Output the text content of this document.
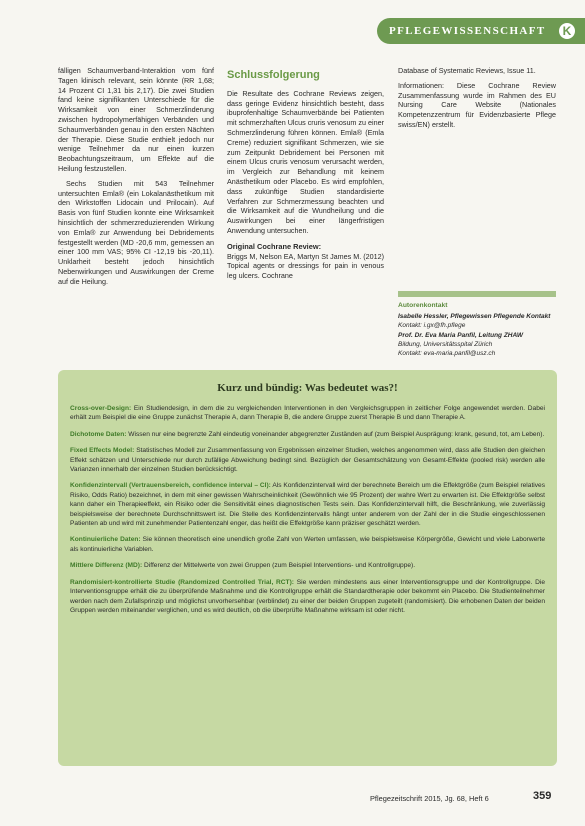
PFLEGEWISSENSCHAFT	K

fälligen Schaumverband-Interaktion vom fünf Tagen klinisch relevant, sein könnte (RR 1,68; 14 Prozent CI 1,31 bis 2,17). Die zwei Studien fand keine signifikanten Unterschiede für die Wirksamkeit von einer Schmerzlinderung zwischen hydropolymerfähigen Verbänden und Schaumverbänden genau in den ersten Nächten der Therapie. Diese Studie enthielt jedoch nur wenige Teilnehmer da nur einen kurzen Beobachtungszeitraum, um Effekte auf die Heilung festzustellen.

Sechs Studien mit 543 Teilnehmer untersuchten Emla® (ein Lokalanästhetikum mit den Wirkstoffen Lidocain und Prilocain). Auf Basis von fünf Studien konnte eine Wirksamkeit hinsichtlich der schmerzreduzierenden Wirkung von Emla® zur Anwendung bei Debridements festgestellt werden (MD -20,6 mm, gemessen an einer 100 mm VAS; 95% CI -12,19 bis -20,11). Unklarheit besteht jedoch hinsichtlich Nebenwirkungen und Auswirkungen der Creme auf die Heilung.

Schlussfolgerung

Die Resultate des Cochrane Reviews zeigen, dass geringe Evidenz hinsichtlich besteht, dass ibuprofenhaltige Schaumverbände bei Patienten mit schmerzhaften Ulcus cruris venosum zu einer Schmerzlinderung führen können. Emla® (Emla Creme) reduziert signifikant Schmerzen, wie sie zum Zeitpunkt Debridement bei Personen mit einem Ulcus cruris venosum verursacht werden, im Vergleich zur Behandlung mit keinem Anästhetikum oder Placebo. Es wird empfohlen, dass zukünftige Studien standardisierte Verfahren zur Schmerzmessung beachten und die Wirksamkeit auf die Wundheilung und die Auswirkungen bei einer längerfristigen Anwendung untersuchen.

Original Cochrane Review:

Briggs M, Nelson EA, Martyn St James M. (2012) Topical agents or dressings for pain in venous leg ulcers. Cochrane

Database of Systematic Reviews, Issue 11.

Informationen: Diese Cochrane Review Zusammenfassung wurde im Rahmen des EU Nursing Care Website (Nationales Kompetenzzentrum für Evidenzbasierte Pflege swiss/EN) erstellt.

Autorenkontakt
Isabelle Hessler, Pflegewissen Pflegende Kontakt
Kontakt: i.gx@fh.pflege
Prof. Dr. Eva Maria Panfil, Leitung ZHAW
Bildung, Universitätsspital Zürich
Kontakt: eva-maria.panfil@usz.ch
Kurz und bündig: Was bedeutet was?!
Cross-over-Design: Ein Studiendesign, in dem die zu vergleichenden Interventionen in den Vergleichsgruppen in zeitlicher Folge angewendet werden. Dabei erhält zum Beispiel die eine Gruppe zunächst Therapie A, dann Therapie B, die andere Gruppe zuerst Therapie B und dann Therapie A.
Dichotome Daten: Wissen nur eine begrenzte Zahl eindeutig voneinander abgegrenzter Zuständen auf (zum Beispiel Ausprägung: krank, gesund, tot, am Leben).
Fixed Effects Model: Statistisches Modell zur Zusammenfassung von Ergebnissen einzelner Studien, welches angenommen wird, dass alle Studien den gleichen Effekt schätzen und Unterschiede nur durch zufällige Abweichung bedingt sind. Bezüglich der Gesamtschätzung von Gesamt-Effekte (pooled risk) werden alle Varianzen innerhalb der einzelnen Studien berücksichtigt.
Konfidenzintervall (Vertrauensbereich, confidence interval – CI): Als Konfidenzintervall wird der berechnete Bereich um die Effektgröße (zum Beispiel relatives Risiko, Odds Ratio) bezeichnet, in dem mit einer gewissen Wahrscheinlichkeit (Gewöhnlich wie 95 Prozent) der wahre Wert zu erwarten ist. Die Effektgröße selbst kann daher ein Therapieeffekt, ein Risiko oder die Sensitivität eines diagnostischen Tests sein. Das Konfidenzintervall hilft, die Beschränkung, wie zuverlässig beispielsweise der berechnete Durchschnittswert ist. Die Stelle des Konfidenzintervalls hängt unter anderem von der Zahl der in die Studie eingeschlossenen Patienten ab und wird mit zunehmender Patientenzahl enger, das heißt die Effektgröße kann präziser geschätzt werden.
Kontinuierliche Daten: Sie können theoretisch eine unendlich große Zahl von Werten umfassen, wie beispielsweise Körpergröße, Gewicht und viele Laborwerte als kontinuierliche Variablen.
Mittlere Differenz (MD): Differenz der Mittelwerte von zwei Gruppen (zum Beispiel Interventions- und Kontrollgruppe).
Randomisiert-kontrollierte Studie (Randomized Controlled Trial, RCT): Sie werden mindestens aus einer Interventionsgruppe und der Kontrollgruppe. Die Interventionsgruppe erhält die zu überprüfende Maßnahme und die Kontrollgruppe erhält die Standardtherapie oder bekommt ein Placebo. Die Studienteilnehmer werden nach dem Zufallsprinzip und möglichst unvorhersehbar (verblindet) zu einer der beiden Gruppen zugeteilt (randomisiert). Die erhobenen Daten der beiden Gruppen werden miteinander verglichen, und es wird deutlich, ob die überprüfte Maßnahme wirksam ist oder nicht.
Pflegezeitschrift 2015, Jg. 68, Heft 6	359
